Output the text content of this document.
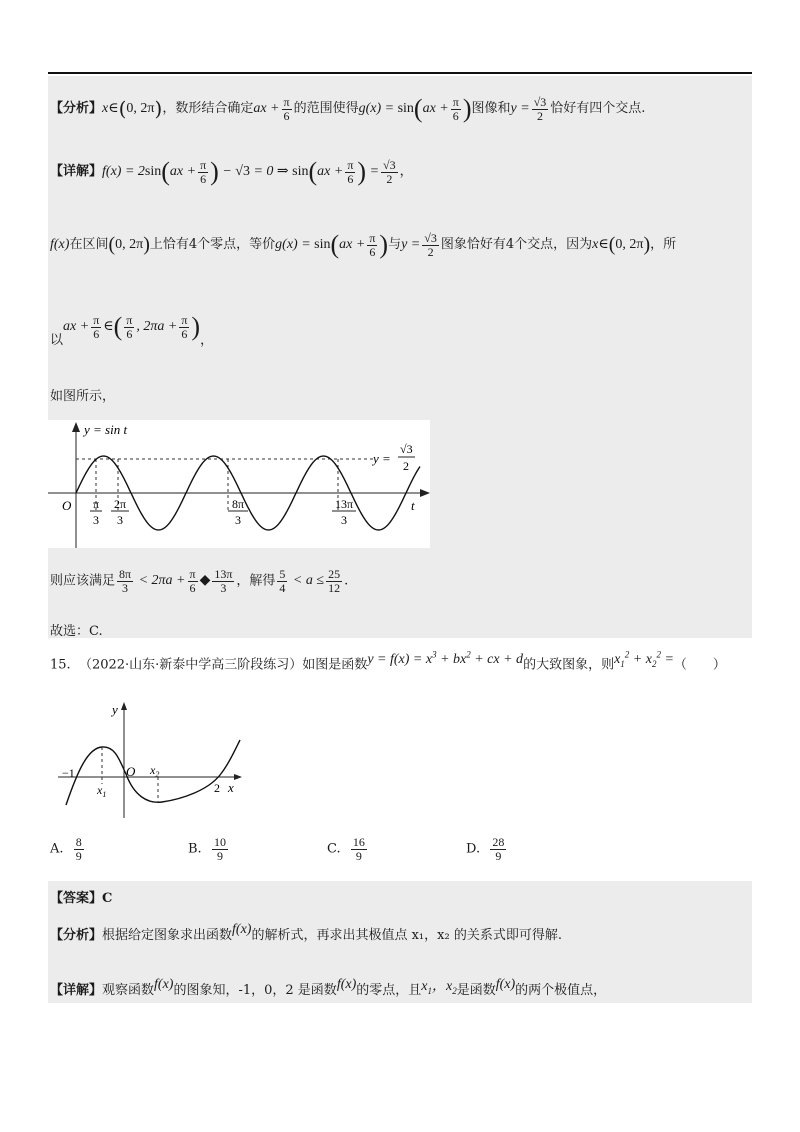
【分析】x∈(0, 2π)，数形结合确定ax + $\frac{\pi}{6}$ 的范围使得$g(x) = \sin(ax + \frac{\pi}{6}$ )图像和$y = \frac{√3}{2}$ 恰好有四个交点.
【详解】$f(x) = 2\sin(ax + \frac{\pi}{6}$ ) − √3 = 0 ⇒ $\sin(ax + \frac{\pi}{6}$ ) = $\frac{√3}{2}$ ，
f(x)在区间(0, 2π)上恰有4个零点，等价$g(x) = \sin(ax + \frac{\pi}{6}$ )与$y = \frac{√3}{2}$ 图象恰好有4个交点，因为x∈(0, 2π)，所
以ax + $\frac{\pi}{6}$ ∈( $\frac{\pi}{6}$ , $2\pi a + \frac{\pi}{6}$ )，
如图所示，
y = sin t
O	t
y =
√3
2
π
3
2π
3
8π
3
13π
3
则应该满足 $\frac{8\pi}{3} < 2\pi a + \frac{\pi}{6}$ ◆ $\frac{13\pi}{3}$ ，解得 $\frac{5}{4} < a \le \frac{25}{12}$ .
故选：C.
15. （2022·山东·新泰中学高三阶段练习）如图是函数$y = f(x) = x^3 + bx^2$ + cx + d的大致图象，则$x_1^2 + x_2^2$ =（　　）
y
x
O
−1
$x_1$
$x_2$
2
A. $\frac{8}{9}$	B. $\frac{10}{9}$	C. $\frac{16}{9}$	D. $\frac{28}{9}$
【答案】C
【分析】根据给定图象求出函数f(x)的解析式，再求出其极值点 x₁，x₂ 的关系式即可得解.
【详解】观察函数f(x)的图象知，-1，0，2 是函数f(x)的零点，且$x_1$，$x_2$是函数f(x)的两个极值点，
